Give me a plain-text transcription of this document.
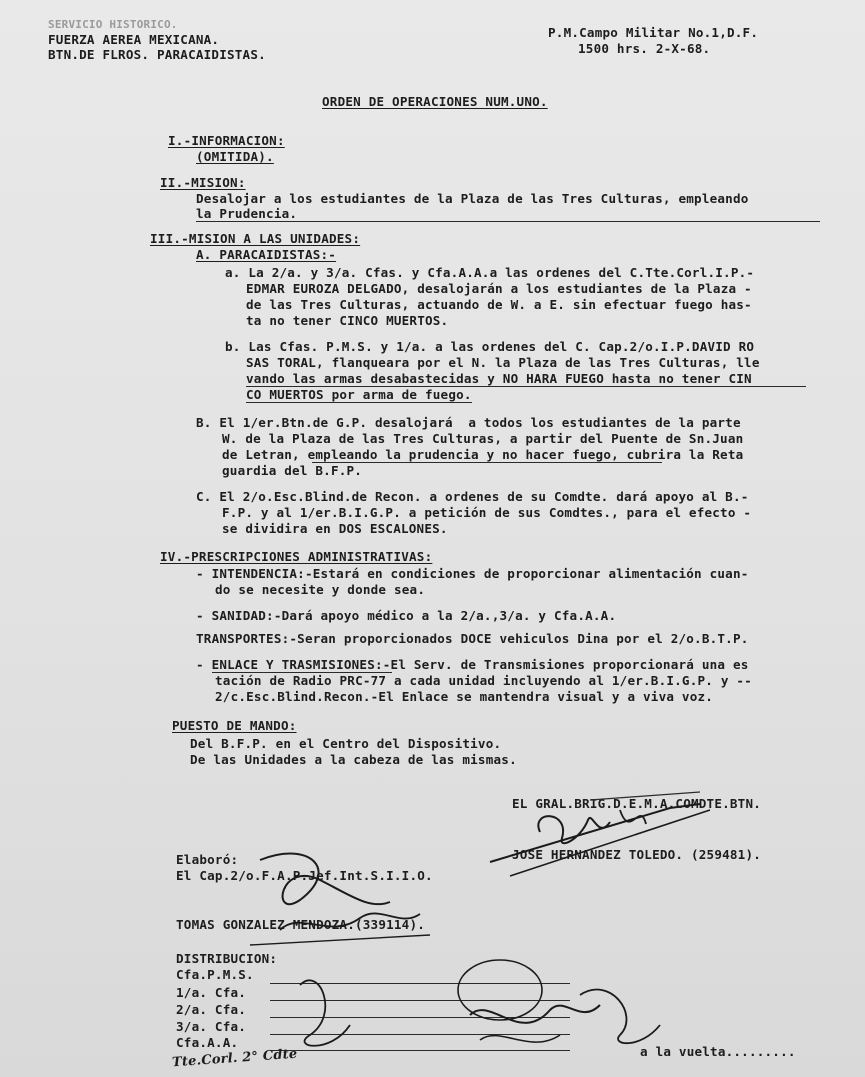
SERVICIO HISTORICO.
FUERZA AEREA MEXICANA.
BTN.DE FLROS. PARACAIDISTAS.
P.M.Campo Militar No.1,D.F.
1500 hrs. 2-X-68.
ORDEN DE OPERACIONES NUM.UNO.
I.-INFORMACION:
(OMITIDA).
II.-MISION:
Desalojar a los estudiantes de la Plaza de las Tres Culturas, empleando
la Prudencia.
III.-MISION A LAS UNIDADES:
A. PARACAIDISTAS:-
a. La 2/a. y 3/a. Cfas. y Cfa.A.A.a las ordenes del C.Tte.Corl.I.P.-
EDMAR EUROZA DELGADO, desalojarán a los estudiantes de la Plaza -
de las Tres Culturas, actuando de W. a E. sin efectuar fuego has-
ta no tener CINCO MUERTOS.
b. Las Cfas. P.M.S. y 1/a. a las ordenes del C. Cap.2/o.I.P.DAVID RO
SAS TORAL, flanqueara por el N. la Plaza de las Tres Culturas, lle
vando las armas desabastecidas y NO HARA FUEGO hasta no tener CIN
CO MUERTOS por arma de fuego.
B. El 1/er.Btn.de G.P. desalojará  a todos los estudiantes de la parte
W. de la Plaza de las Tres Culturas, a partir del Puente de Sn.Juan
de Letran, empleando la prudencia y no hacer fuego, cubrira la Reta
guardia del B.F.P.
C. El 2/o.Esc.Blind.de Recon. a ordenes de su Comdte. dará apoyo al B.-
F.P. y al 1/er.B.I.G.P. a petición de sus Comdtes., para el efecto -
se dividira en DOS ESCALONES.
IV.-PRESCRIPCIONES ADMINISTRATIVAS:
- INTENDENCIA:-Estará en condiciones de proporcionar alimentación cuan-
do se necesite y donde sea.
- SANIDAD:-Dará apoyo médico a la 2/a.,3/a. y Cfa.A.A.
TRANSPORTES:-Seran proporcionados DOCE vehiculos Dina por el 2/o.B.T.P.
- ENLACE Y TRASMISIONES:-El Serv. de Transmisiones proporcionará una es
tación de Radio PRC-77 a cada unidad incluyendo al 1/er.B.I.G.P. y --
2/c.Esc.Blind.Recon.-El Enlace se mantendra visual y a viva voz.
PUESTO DE MANDO:
Del B.F.P. en el Centro del Dispositivo.
De las Unidades a la cabeza de las mismas.
EL GRAL.BRIG.D.E.M.A.COMDTE.BTN.
JOSE HERNANDEZ TOLEDO. (259481).
Elaboró:
El Cap.2/o.F.A.P.Jef.Int.S.I.I.O.
TOMAS GONZALEZ MENDOZA.(339114).
DISTRIBUCION:
Cfa.P.M.S.
1/a. Cfa.
2/a. Cfa.
3/a. Cfa.
Cfa.A.A.
a la vuelta.........
Tte.Corl. 2° Cdte
